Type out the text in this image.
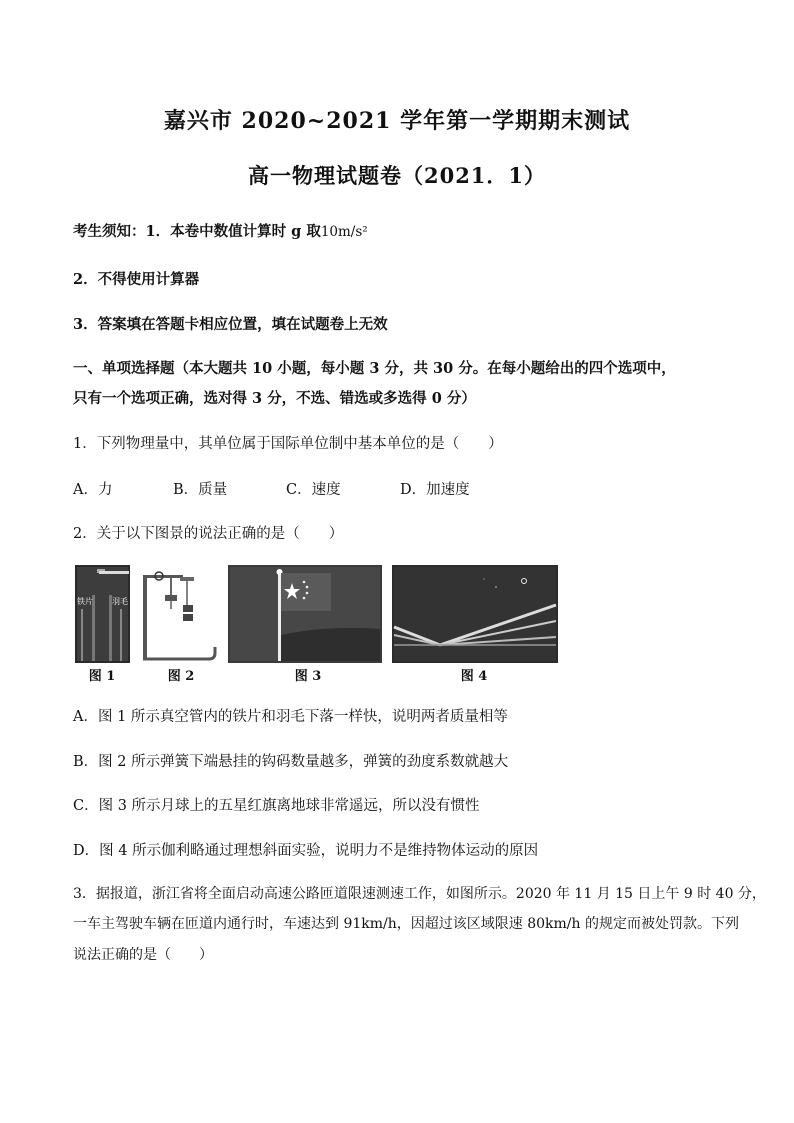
嘉兴市 2020~2021 学年第一学期期末测试
高一物理试题卷（2021．1）
考生须知：1．本卷中数值计算时 g 取10m/s²
2．不得使用计算器
3．答案填在答题卡相应位置，填在试题卷上无效
一、单项选择题（本大题共 10 小题，每小题 3 分，共 30 分。在每小题给出的四个选项中，
只有一个选项正确，选对得 3 分，不选、错选或多选得 0 分）
1．下列物理量中，其单位属于国际单位制中基本单位的是（　　）
A．力	B．质量	C．速度	D．加速度
2．关于以下图景的说法正确的是（　　）
铁片 羽毛
图 1	图 2	图 3	图 4
A．图 1 所示真空管内的铁片和羽毛下落一样快，说明两者质量相等
B．图 2 所示弹簧下端悬挂的钩码数量越多，弹簧的劲度系数就越大
C．图 3 所示月球上的五星红旗离地球非常遥远，所以没有惯性
D．图 4 所示伽利略通过理想斜面实验，说明力不是维持物体运动的原因
3．据报道，浙江省将全面启动高速公路匝道限速测速工作，如图所示。2020 年 11 月 15 日上午 9 时 40 分，
一车主驾驶车辆在匝道内通行时，车速达到 91km/h，因超过该区域限速 80km/h 的规定而被处罚款。下列
说法正确的是（　　）
